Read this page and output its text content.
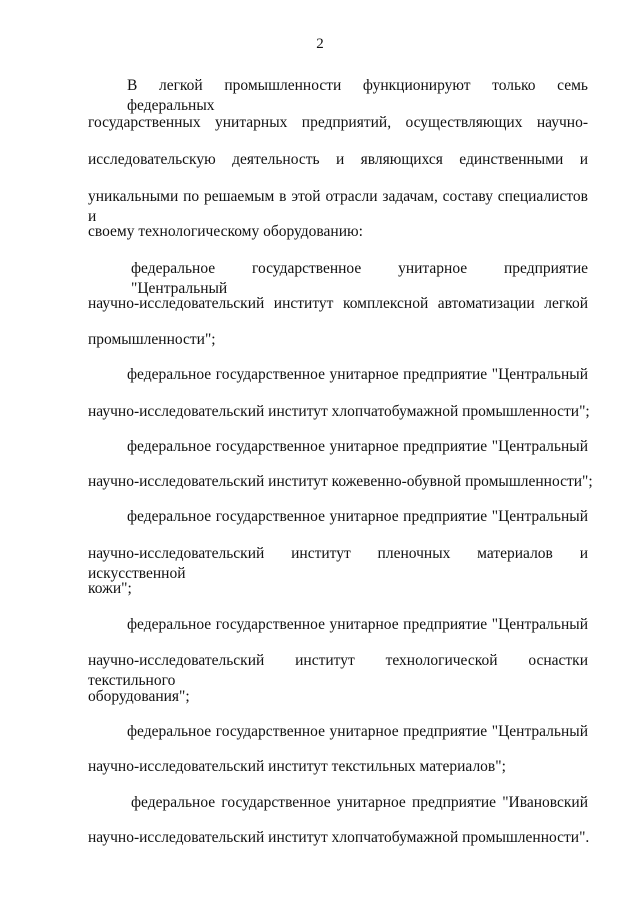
2
В легкой промышленности функционируют только семь федеральных
государственных унитарных предприятий, осуществляющих научно-
исследовательскую деятельность и являющихся единственными и
уникальными по решаемым в этой отрасли задачам, составу специалистов и
своему технологическому оборудованию:
федеральное государственное унитарное предприятие "Центральный
научно-исследовательский институт комплексной автоматизации легкой
промышленности";
федеральное государственное унитарное предприятие "Центральный
научно-исследовательский институт хлопчатобумажной промышленности";
федеральное государственное унитарное предприятие "Центральный
научно-исследовательский институт кожевенно-обувной промышленности";
федеральное государственное унитарное предприятие "Центральный
научно-исследовательский институт пленочных материалов и искусственной
кожи";
федеральное государственное унитарное предприятие "Центральный
научно-исследовательский институт технологической оснастки текстильного
оборудования";
федеральное государственное унитарное предприятие "Центральный
научно-исследовательский институт текстильных материалов";
федеральное государственное унитарное предприятие "Ивановский
научно-исследовательский институт хлопчатобумажной промышленности".
